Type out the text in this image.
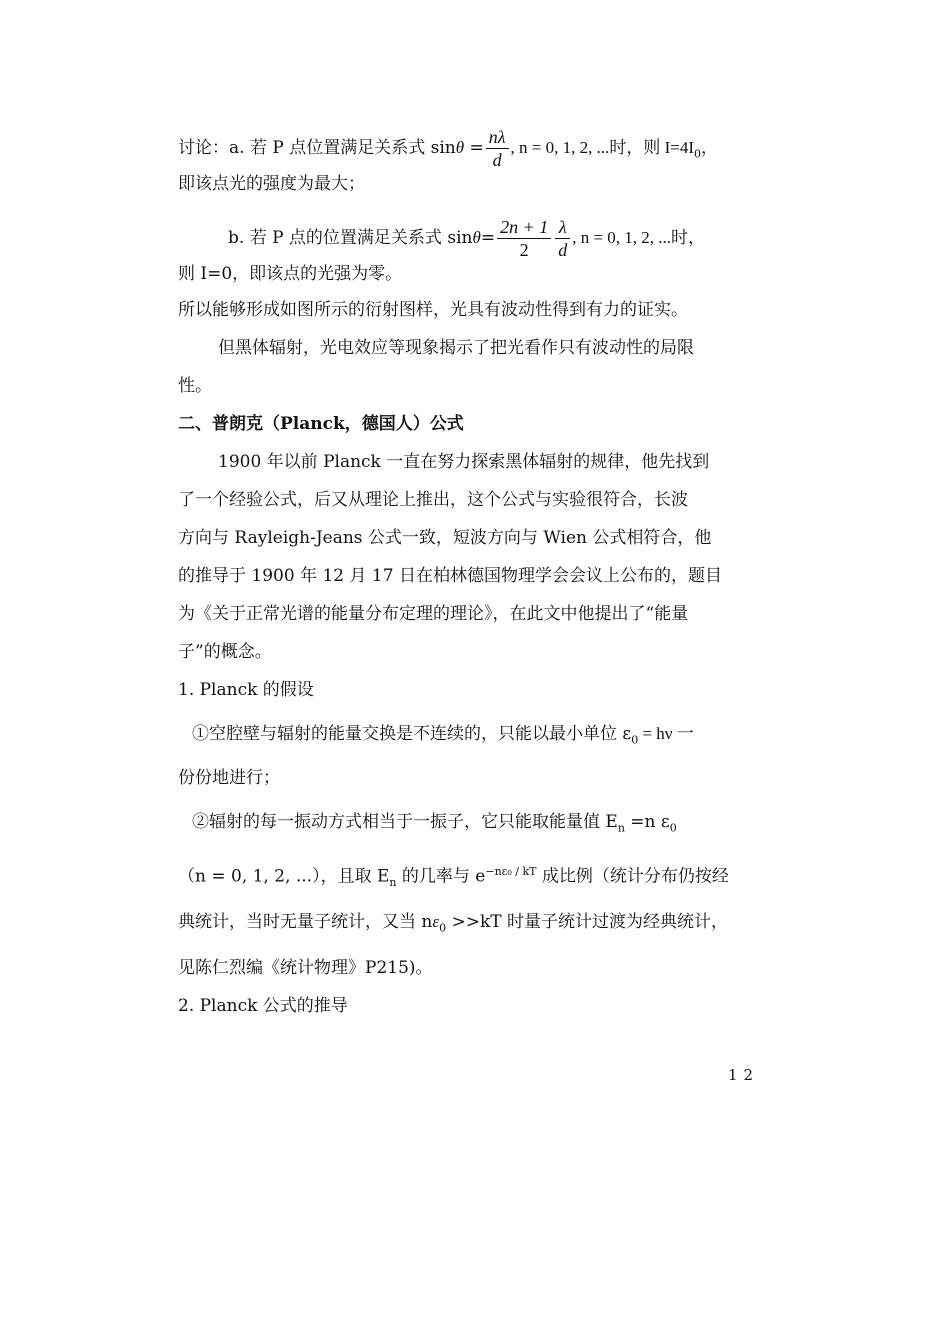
讨论：a. 若 P 点位置满足关系式 $\sin\theta = \frac{n\lambda}{d}$ , n = 0, 1, 2, ...时，则 $I=4I_0$，
即该点光的强度为最大；
b. 若 P 点的位置满足关系式 $\sin\theta= \frac{2n + 1}{2} \frac{\lambda}{d}$ , n = 0, 1, 2, ...时，
则 I=0，即该点的光强为零。
所以能够形成如图所示的衍射图样，光具有波动性得到有力的证实。
但黑体辐射，光电效应等现象揭示了把光看作只有波动性的局限
性。
二、普朗克（Planck，德国人）公式
1900 年以前 Planck 一直在努力探索黑体辐射的规律，他先找到
了一个经验公式，后又从理论上推出，这个公式与实验很符合，长波
方向与 Rayleigh-Jeans 公式一致，短波方向与 Wien 公式相符合，他
的推导于 1900 年 12 月 17 日在柏林德国物理学会会议上公布的，题目
为《关于正常光谱的能量分布定理的理论》，在此文中他提出了“能量
子”的概念。
1. Planck 的假设
①空腔壁与辐射的能量交换是不连续的，只能以最小单位 $\varepsilon_0 = h\nu$ 一
份份地进行；
②辐射的每一振动方式相当于一振子，它只能取能量值 $E_n =n$ $\varepsilon_0$
（n = 0, 1, 2, ...），且取 $E_n$ 的几率与 $e^{-n\varepsilon_0 / kT}$ 成比例（统计分布仍按经
典统计，当时无量子统计，又当 $n\varepsilon_0 >>kT$ 时量子统计过渡为经典统计，
见陈仁烈编《统计物理》P215)。
2. Planck 公式的推导
12
